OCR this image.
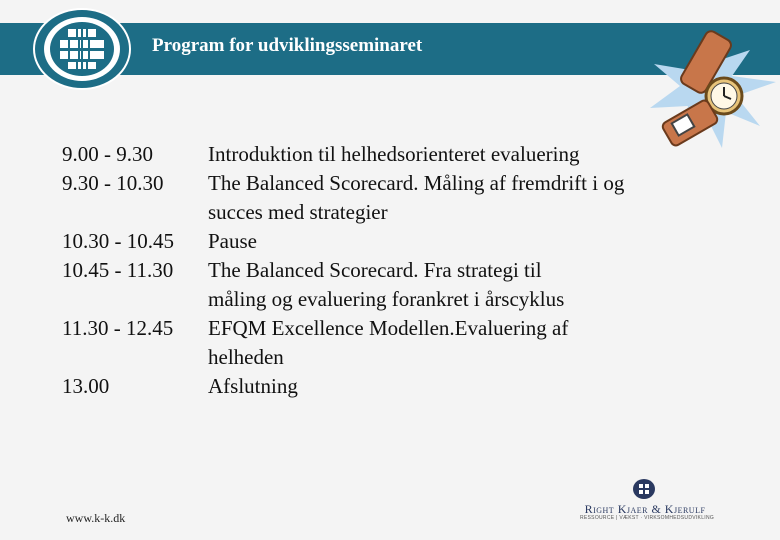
Program for udviklingsseminaret
9.00 - 9.30	Introduktion til helhedsorienteret evaluering
9.30 - 10.30	The Balanced Scorecard. Måling af fremdrift i og
succes med strategier
10.30 - 10.45	Pause
10.45 - 11.30	The Balanced Scorecard. Fra strategi til
måling og evaluering forankret i årscyklus
11.30 - 12.45	EFQM Excellence Modellen.Evaluering af
helheden
13.00	Afslutning
www.k-k.dk
Right Kjaer & Kjerulf
RESSOURCE | VÆKST · VIRKSOMHEDSUDVIKLING
